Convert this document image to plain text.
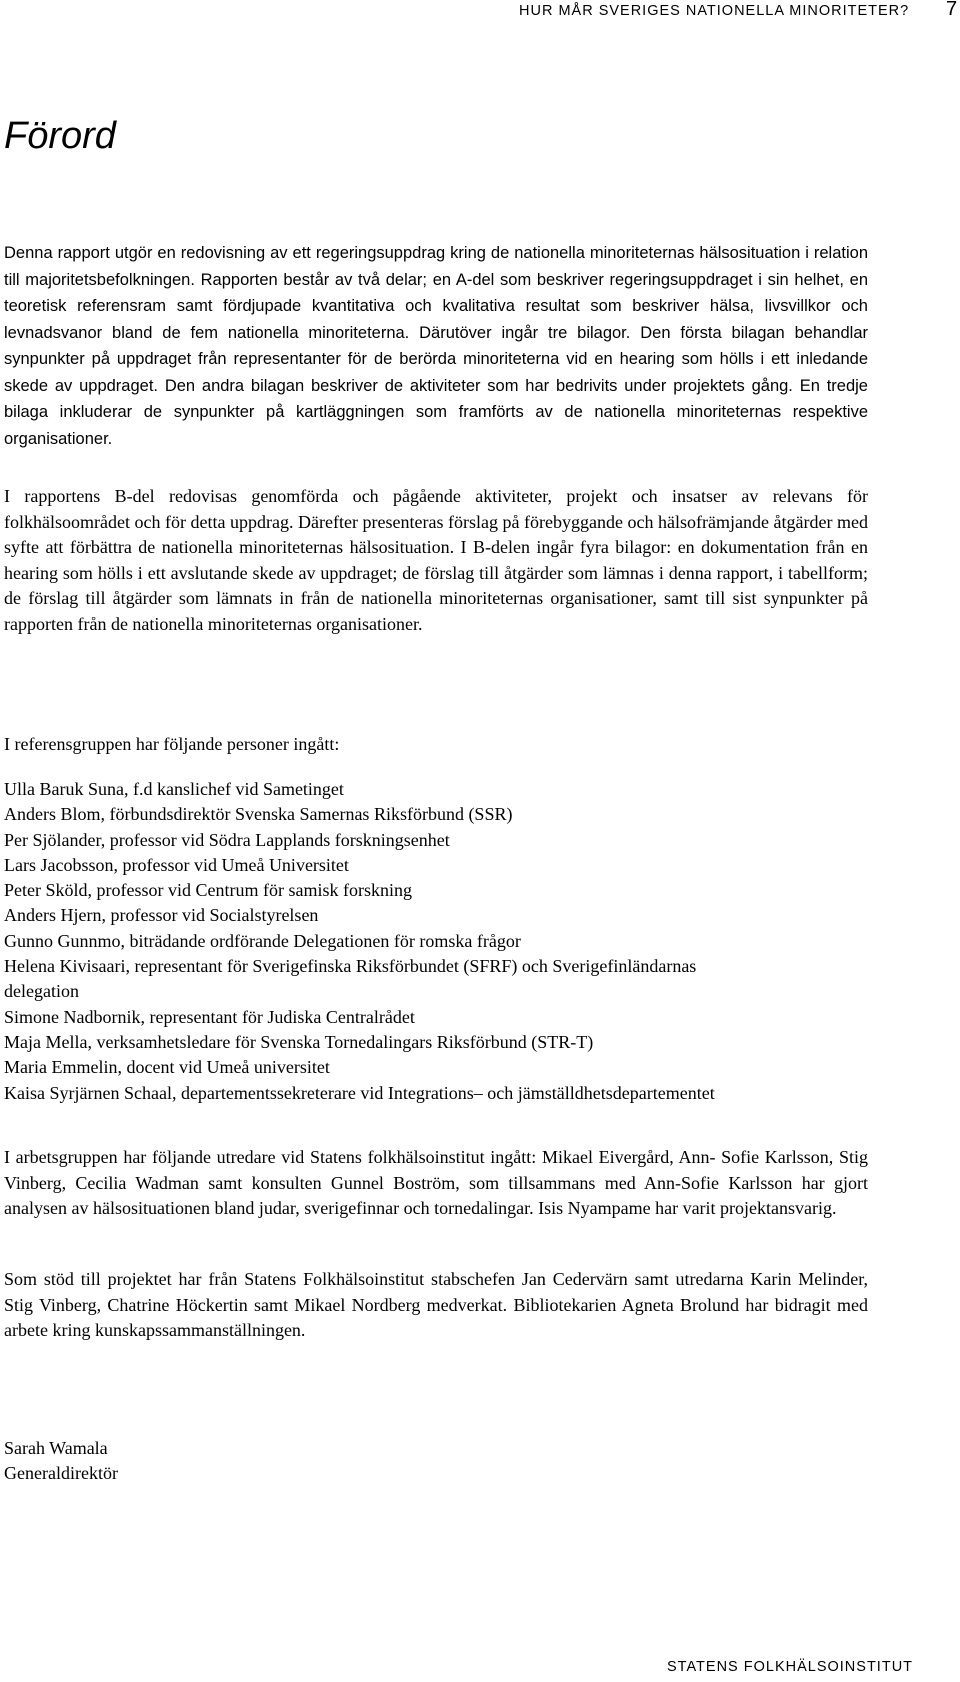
HUR MÅR SVERIGES NATIONELLA MINORITETER? 7
Förord

Denna rapport utgör en redovisning av ett regeringsuppdrag kring de nationella minoriteternas hälsosituation i relation till majoritetsbefolkningen. Rapporten består av två delar; en A-del som beskriver regeringsuppdraget i sin helhet, en teoretisk referensram samt fördjupade kvantitativa och kvalitativa resultat som beskriver hälsa, livsvillkor och levnadsvanor bland de fem nationella minoriteterna. Därutöver ingår tre bilagor. Den första bilagan behandlar synpunkter på uppdraget från representanter för de berörda minoriteterna vid en hearing som hölls i ett inledande skede av uppdraget. Den andra bilagan beskriver de aktiviteter som har bedrivits under projektets gång. En tredje bilaga inkluderar de synpunkter på kartläggningen som framförts av de nationella minoriteternas respektive organisationer.

I rapportens B-del redovisas genomförda och pågående aktiviteter, projekt och insatser av relevans för folkhälsoområdet och för detta uppdrag. Därefter presenteras förslag på förebyggande och hälsofrämjande åtgärder med syfte att förbättra de nationella minoriteternas hälsosituation. I B-delen ingår fyra bilagor: en dokumentation från en hearing som hölls i ett avslutande skede av uppdraget; de förslag till åtgärder som lämnas i denna rapport, i tabellform; de förslag till åtgärder som lämnats in från de nationella minoriteternas organisationer, samt till sist synpunkter på rapporten från de nationella minoriteternas organisationer.

I referensgruppen har följande personer ingått:

Ulla Baruk Suna, f.d kanslichef vid Sametinget
Anders Blom, förbundsdirektör Svenska Samernas Riksförbund (SSR)
Per Sjölander, professor vid Södra Lapplands forskningsenhet
Lars Jacobsson, professor vid Umeå Universitet
Peter Sköld, professor vid Centrum för samisk forskning
Anders Hjern, professor vid Socialstyrelsen
Gunno Gunnmo, biträdande ordförande Delegationen för romska frågor
Helena Kivisaari, representant för Sverigefinska Riksförbundet (SFRF) och Sverigefinländarnas delegation
Simone Nadbornik, representant för Judiska Centralrådet
Maja Mella, verksamhetsledare för Svenska Tornedalingars Riksförbund (STR-T)
Maria Emmelin, docent vid Umeå universitet
Kaisa Syrjärnen Schaal, departementssekreterare vid Integrations– och jämställdhetsdepartementet

I arbetsgruppen har följande utredare vid Statens folkhälsoinstitut ingått: Mikael Eivergård, Ann- Sofie Karlsson, Stig Vinberg, Cecilia Wadman samt konsulten Gunnel Boström, som tillsammans med Ann-Sofie Karlsson har gjort analysen av hälsosituationen bland judar, sverigefinnar och tornedalingar. Isis Nyampame har varit projektansvarig.

Som stöd till projektet har från Statens Folkhälsoinstitut stabschefen Jan Cedervärn samt utredarna Karin Melinder, Stig Vinberg, Chatrine Höckertin samt Mikael Nordberg medverkat. Bibliotekarien Agneta Brolund har bidragit med arbete kring kunskapssammanställningen.

Sarah Wamala
Generaldirektör
STATENS FOLKHÄLSOINSTITUT
